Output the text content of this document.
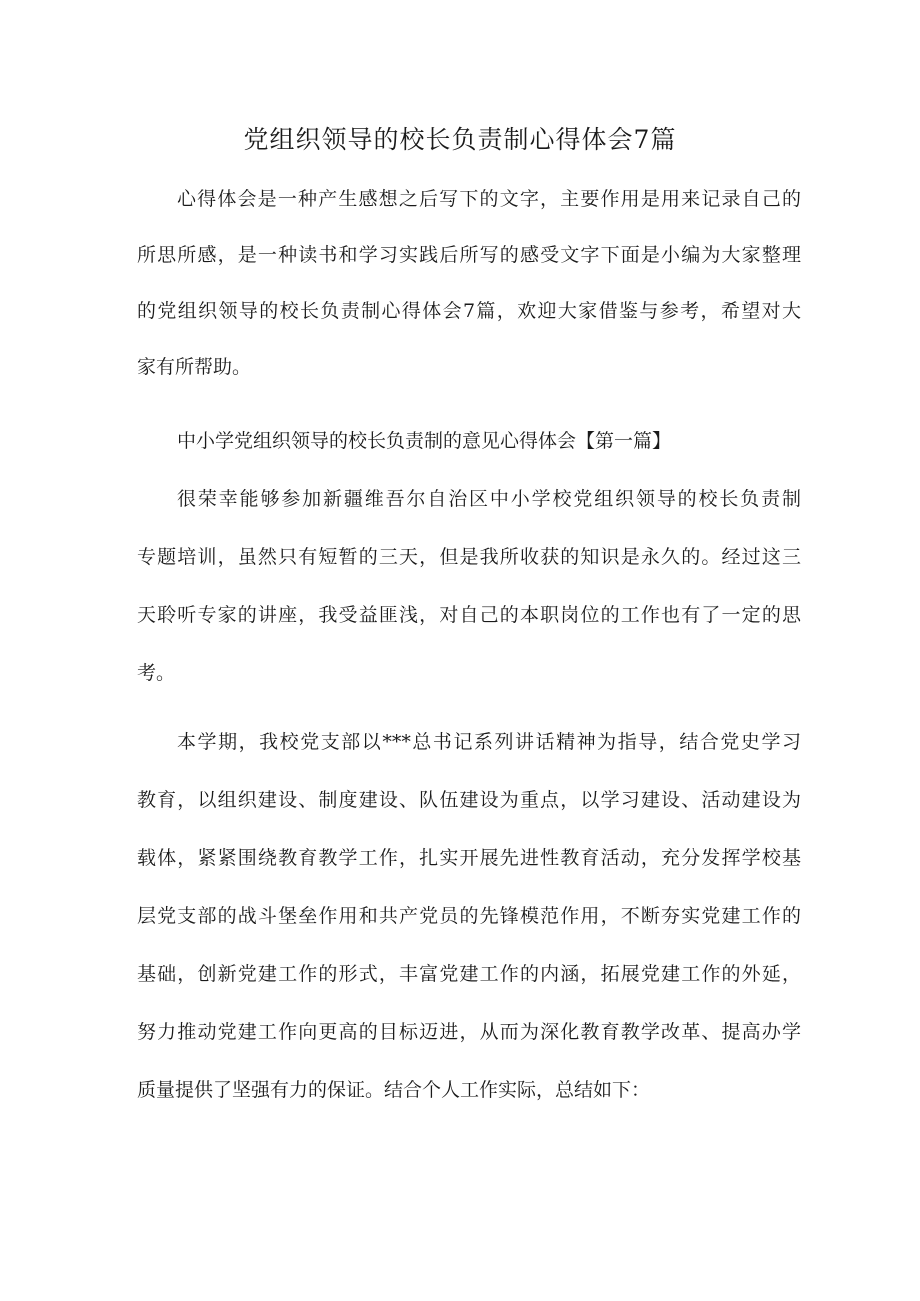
党组织领导的校长负责制心得体会7篇
心得体会是一种产生感想之后写下的文字，主要作用是用来记录自己的
所思所感，是一种读书和学习实践后所写的感受文字下面是小编为大家整理
的党组织领导的校长负责制心得体会7篇，欢迎大家借鉴与参考，希望对大
家有所帮助。
中小学党组织领导的校长负责制的意见心得体会【第一篇】
很荣幸能够参加新疆维吾尔自治区中小学校党组织领导的校长负责制
专题培训，虽然只有短暂的三天，但是我所收获的知识是永久的。经过这三
天聆听专家的讲座，我受益匪浅，对自己的本职岗位的工作也有了一定的思
考。
本学期，我校党支部以***总书记系列讲话精神为指导，结合党史学习
教育，以组织建设、制度建设、队伍建设为重点，以学习建设、活动建设为
载体，紧紧围绕教育教学工作，扎实开展先进性教育活动，充分发挥学校基
层党支部的战斗堡垒作用和共产党员的先锋模范作用，不断夯实党建工作的
基础，创新党建工作的形式，丰富党建工作的内涵，拓展党建工作的外延，
努力推动党建工作向更高的目标迈进，从而为深化教育教学改革、提高办学
质量提供了坚强有力的保证。结合个人工作实际，总结如下：
